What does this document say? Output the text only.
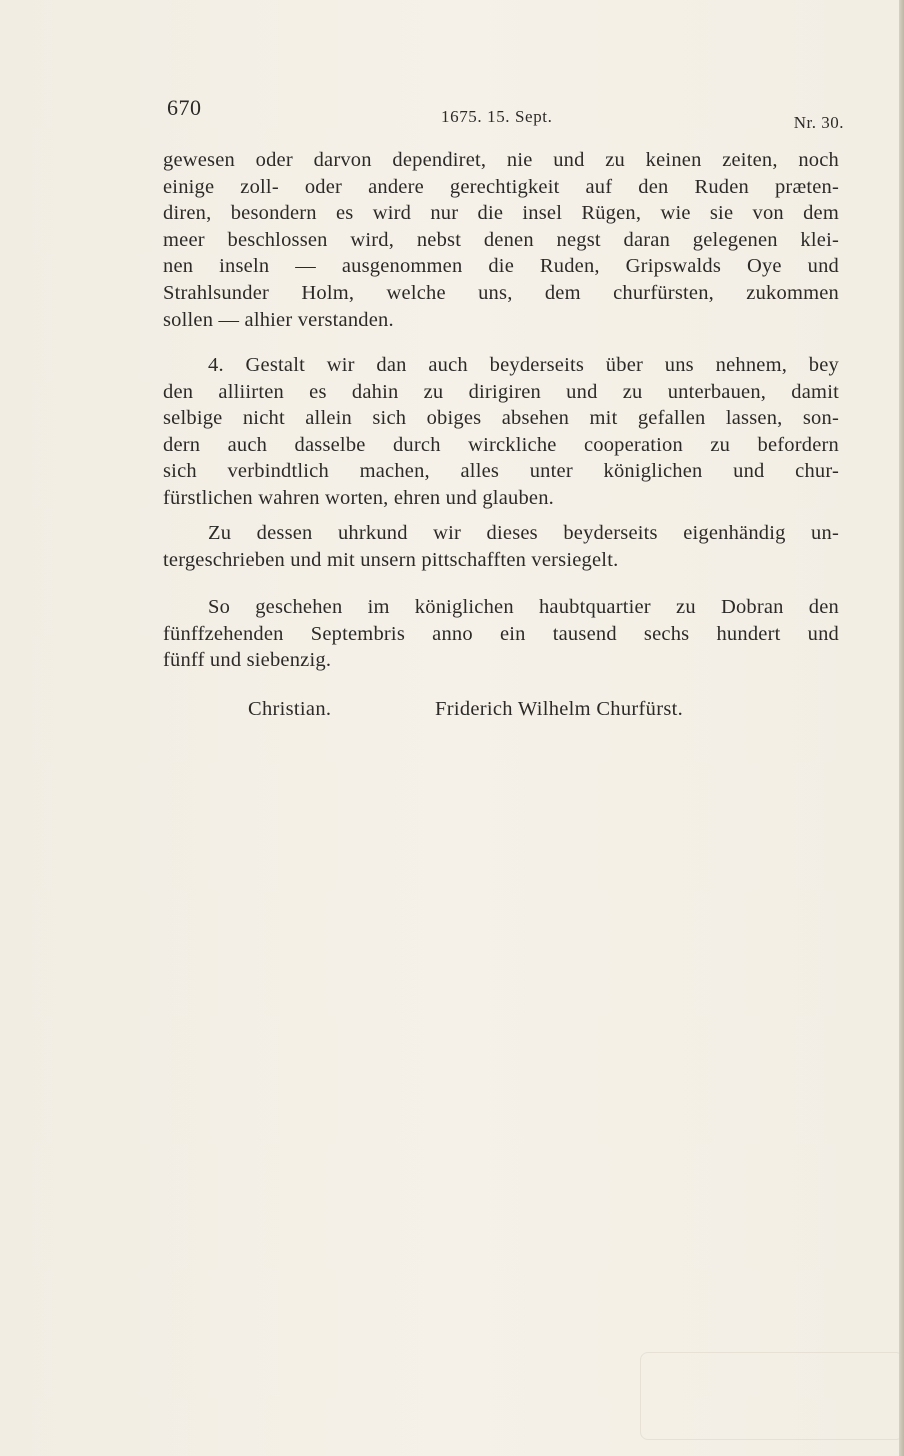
670	1675. 15. Sept.	Nr. 30.
gewesen oder darvon dependiret, nie und zu keinen zeiten, noch
einige zoll- oder andere gerechtigkeit auf den Ruden præten-
diren, besondern es wird nur die insel Rügen, wie sie von dem
meer beschlossen wird, nebst denen negst daran gelegenen klei-
nen inseln — ausgenommen die Ruden, Gripswalds Oye und
Strahlsunder Holm, welche uns, dem churfürsten, zukommen
sollen — alhier verstanden.
4. Gestalt wir dan auch beyderseits über uns nehnem, bey
den alliirten es dahin zu dirigiren und zu unterbauen, damit
selbige nicht allein sich obiges absehen mit gefallen lassen, son-
dern auch dasselbe durch wirckliche cooperation zu befordern
sich verbindtlich machen, alles unter königlichen und chur-
fürstlichen wahren worten, ehren und glauben.
Zu dessen uhrkund wir dieses beyderseits eigenhändig un-
tergeschrieben und mit unsern pittschafften versiegelt.
So geschehen im königlichen haubtquartier zu Dobran den
fünffzehenden Septembris anno ein tausend sechs hundert und
fünff und siebenzig.
Christian.	Friderich Wilhelm Churfürst.
